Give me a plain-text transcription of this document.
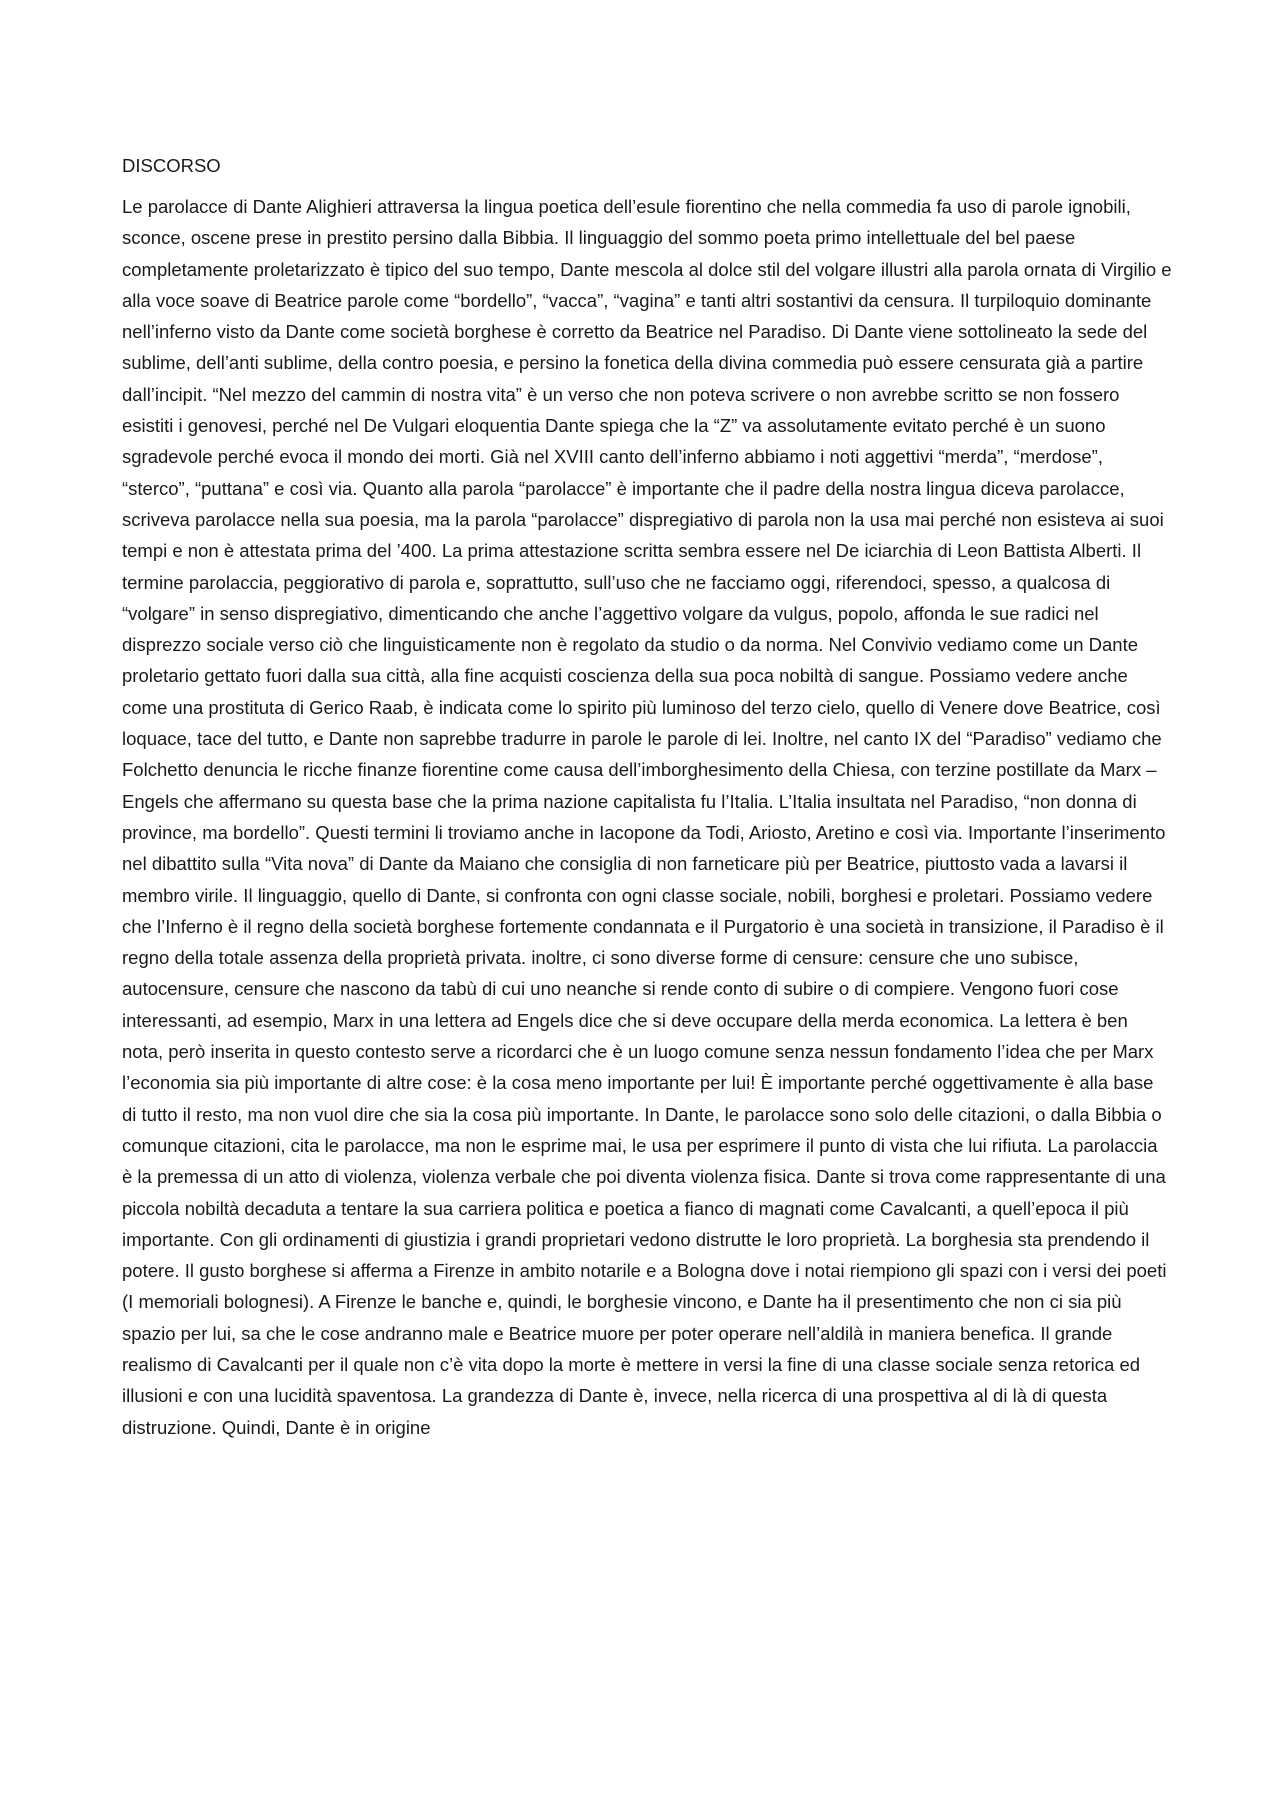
DISCORSO

Le parolacce di Dante Alighieri attraversa la lingua poetica dell’esule fiorentino che nella commedia fa uso di parole ignobili, sconce, oscene prese in prestito persino dalla Bibbia. Il linguaggio del sommo poeta primo intellettuale del bel paese completamente proletarizzato è tipico del suo tempo, Dante mescola al dolce stil del volgare illustri alla parola ornata di Virgilio e alla voce soave di Beatrice parole come “bordello”, “vacca”, “vagina” e tanti altri sostantivi da censura. Il turpiloquio dominante nell’inferno visto da Dante come società borghese è corretto da Beatrice nel Paradiso. Di Dante viene sottolineato la sede del sublime, dell’anti sublime, della contro poesia, e persino la fonetica della divina commedia può essere censurata già a partire dall’incipit. “Nel mezzo del cammin di nostra vita” è un verso che non poteva scrivere o non avrebbe scritto se non fossero esistiti i genovesi, perché nel De Vulgari eloquentia Dante spiega che la “Z” va assolutamente evitato perché è un suono sgradevole perché evoca il mondo dei morti. Già nel XVIII canto dell’inferno abbiamo i noti aggettivi “merda”, “merdose”, “sterco”, “puttana” e così via. Quanto alla parola “parolacce” è importante che il padre della nostra lingua diceva parolacce, scriveva parolacce nella sua poesia, ma la parola “parolacce” dispregiativo di parola non la usa mai perché non esisteva ai suoi tempi e non è attestata prima del ’400. La prima attestazione scritta sembra essere nel De iciarchia di Leon Battista Alberti. Il termine parolaccia, peggiorativo di parola e, soprattutto, sull’uso che ne facciamo oggi, riferendoci, spesso, a qualcosa di “volgare” in senso dispregiativo, dimenticando che anche l’aggettivo volgare da vulgus, popolo, affonda le sue radici nel disprezzo sociale verso ciò che linguisticamente non è regolato da studio o da norma. Nel Convivio vediamo come un Dante proletario gettato fuori dalla sua città, alla fine acquisti coscienza della sua poca nobiltà di sangue. Possiamo vedere anche come una prostituta di Gerico Raab, è indicata come lo spirito più luminoso del terzo cielo, quello di Venere dove Beatrice, così loquace, tace del tutto, e Dante non saprebbe tradurre in parole le parole di lei. Inoltre, nel canto IX del “Paradiso” vediamo che Folchetto denuncia le ricche finanze fiorentine come causa dell’imborghesimento della Chiesa, con terzine postillate da Marx – Engels che affermano su questa base che la prima nazione capitalista fu l’Italia. L’Italia insultata nel Paradiso, “non donna di province, ma bordello”. Questi termini li troviamo anche in Iacopone da Todi, Ariosto, Aretino e così via. Importante l’inserimento nel dibattito sulla “Vita nova” di Dante da Maiano che consiglia di non farneticare più per Beatrice, piuttosto vada a lavarsi il membro virile. Il linguaggio, quello di Dante, si confronta con ogni classe sociale, nobili, borghesi e proletari. Possiamo vedere che l’Inferno è il regno della società borghese fortemente condannata e il Purgatorio è una società in transizione, il Paradiso è il regno della totale assenza della proprietà privata. inoltre, ci sono diverse forme di censure: censure che uno subisce, autocensure, censure che nascono da tabù di cui uno neanche si rende conto di subire o di compiere. Vengono fuori cose interessanti, ad esempio, Marx in una lettera ad Engels dice che si deve occupare della merda economica. La lettera è ben nota, però inserita in questo contesto serve a ricordarci che è un luogo comune senza nessun fondamento l’idea che per Marx l’economia sia più importante di altre cose: è la cosa meno importante per lui! È importante perché oggettivamente è alla base di tutto il resto, ma non vuol dire che sia la cosa più importante. In Dante, le parolacce sono solo delle citazioni, o dalla Bibbia o comunque citazioni, cita le parolacce, ma non le esprime mai, le usa per esprimere il punto di vista che lui rifiuta. La parolaccia è la premessa di un atto di violenza, violenza verbale che poi diventa violenza fisica. Dante si trova come rappresentante di una piccola nobiltà decaduta a tentare la sua carriera politica e poetica a fianco di magnati come Cavalcanti, a quell’epoca il più importante. Con gli ordinamenti di giustizia i grandi proprietari vedono distrutte le loro proprietà. La borghesia sta prendendo il potere. Il gusto borghese si afferma a Firenze in ambito notarile e a Bologna dove i notai riempiono gli spazi con i versi dei poeti (I memoriali bolognesi). A Firenze le banche e, quindi, le borghesie vincono, e Dante ha il presentimento che non ci sia più spazio per lui, sa che le cose andranno male e Beatrice muore per poter operare nell’aldilà in maniera benefica. Il grande realismo di Cavalcanti per il quale non c’è vita dopo la morte è mettere in versi la fine di una classe sociale senza retorica ed illusioni e con una lucidità spaventosa. La grandezza di Dante è, invece, nella ricerca di una prospettiva al di là di questa distruzione. Quindi, Dante è in origine
